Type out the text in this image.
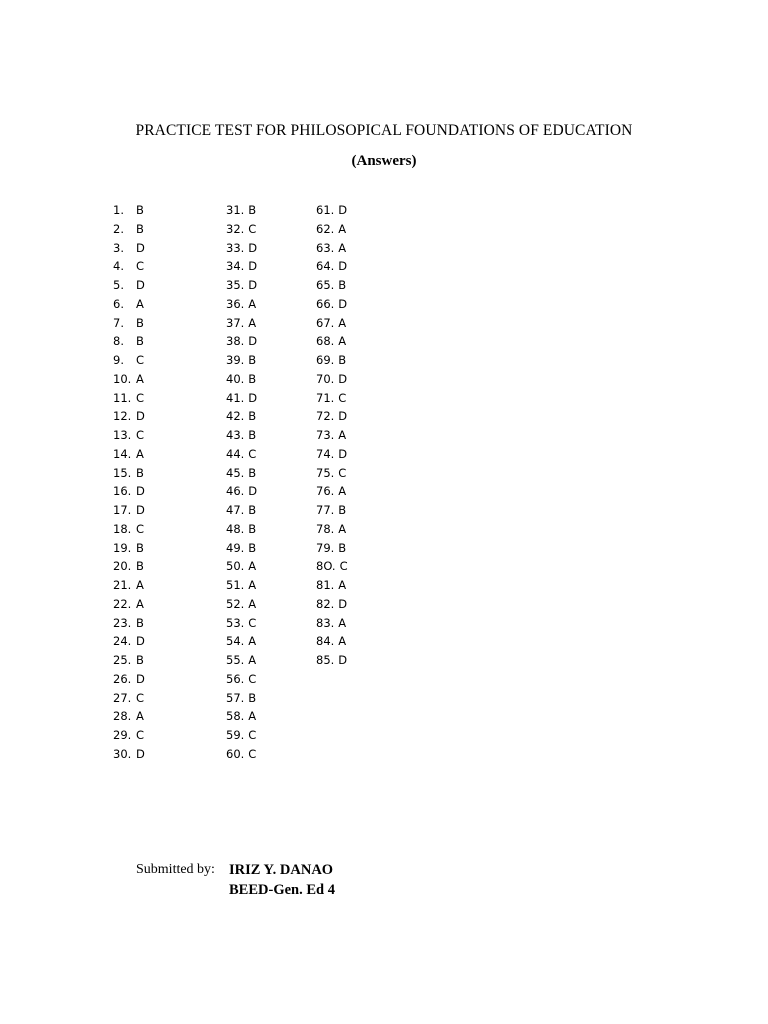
PRACTICE TEST FOR PHILOSOPICAL FOUNDATIONS OF EDUCATION
(Answers)
1. B
2. B
3. D
4. C
5. D
6. A
7. B
8. B
9. C
10. A
11. C
12. D
13. C
14. A
15. B
16. D
17. D
18. C
19. B
20. B
21. A
22. A
23. B
24. D
25. B
26. D
27. C
28. A
29. C
30. D
31. B
32. C
33. D
34. D
35. D
36. A
37. A
38. D
39. B
40. B
41. D
42. B
43. B
44. C
45. B
46. D
47. B
48. B
49. B
50. A
51. A
52. A
53. C
54. A
55. A
56. C
57. B
58. A
59. C
60. C
61. D
62. A
63. A
64. D
65. B
66. D
67. A
68. A
69. B
70. D
71. C
72. D
73. A
74. D
75. C
76. A
77. B
78. A
79. B
8O. C
81. A
82. D
83. A
84. A
85. D
Submitted by: IRIZ Y. DANAO
BEED-Gen. Ed 4
